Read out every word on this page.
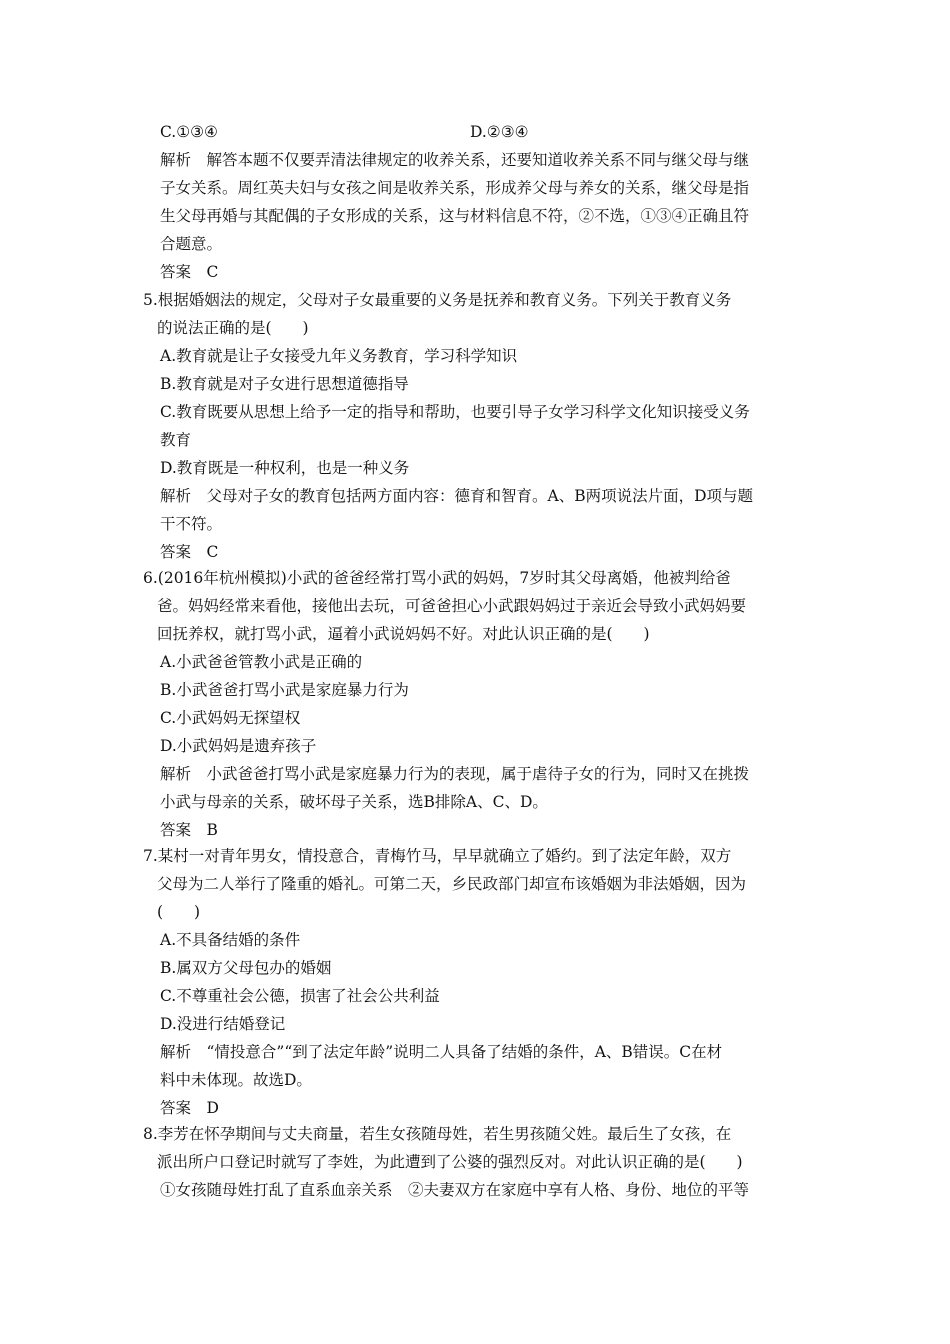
C.①③④	D.②③④
解析　解答本题不仅要弄清法律规定的收养关系，还要知道收养关系不同与继父母与继
子女关系。周红英夫妇与女孩之间是收养关系，形成养父母与养女的关系，继父母是指
生父母再婚与其配偶的子女形成的关系，这与材料信息不符，②不选，①③④正确且符
合题意。
答案　C
5.根据婚姻法的规定，父母对子女最重要的义务是抚养和教育义务。下列关于教育义务
的说法正确的是(　　)
A.教育就是让子女接受九年义务教育，学习科学知识
B.教育就是对子女进行思想道德指导
C.教育既要从思想上给予一定的指导和帮助，也要引导子女学习科学文化知识接受义务
教育
D.教育既是一种权利，也是一种义务
解析　父母对子女的教育包括两方面内容：德育和智育。A、B两项说法片面，D项与题
干不符。
答案　C
6.(2016年杭州模拟)小武的爸爸经常打骂小武的妈妈，7岁时其父母离婚，他被判给爸
爸。妈妈经常来看他，接他出去玩，可爸爸担心小武跟妈妈过于亲近会导致小武妈妈要
回抚养权，就打骂小武，逼着小武说妈妈不好。对此认识正确的是(　　)
A.小武爸爸管教小武是正确的
B.小武爸爸打骂小武是家庭暴力行为
C.小武妈妈无探望权
D.小武妈妈是遗弃孩子
解析　小武爸爸打骂小武是家庭暴力行为的表现，属于虐待子女的行为，同时又在挑拨
小武与母亲的关系，破坏母子关系，选B排除A、C、D。
答案　B
7.某村一对青年男女，情投意合，青梅竹马，早早就确立了婚约。到了法定年龄，双方
父母为二人举行了隆重的婚礼。可第二天，乡民政部门却宣布该婚姻为非法婚姻，因为
(　　)
A.不具备结婚的条件
B.属双方父母包办的婚姻
C.不尊重社会公德，损害了社会公共利益
D.没进行结婚登记
解析　“情投意合”“到了法定年龄”说明二人具备了结婚的条件，A、B错误。C在材
料中未体现。故选D。
答案　D
8.李芳在怀孕期间与丈夫商量，若生女孩随母姓，若生男孩随父姓。最后生了女孩，在
派出所户口登记时就写了李姓，为此遭到了公婆的强烈反对。对此认识正确的是(　　)
①女孩随母姓打乱了直系血亲关系　②夫妻双方在家庭中享有人格、身份、地位的平等
